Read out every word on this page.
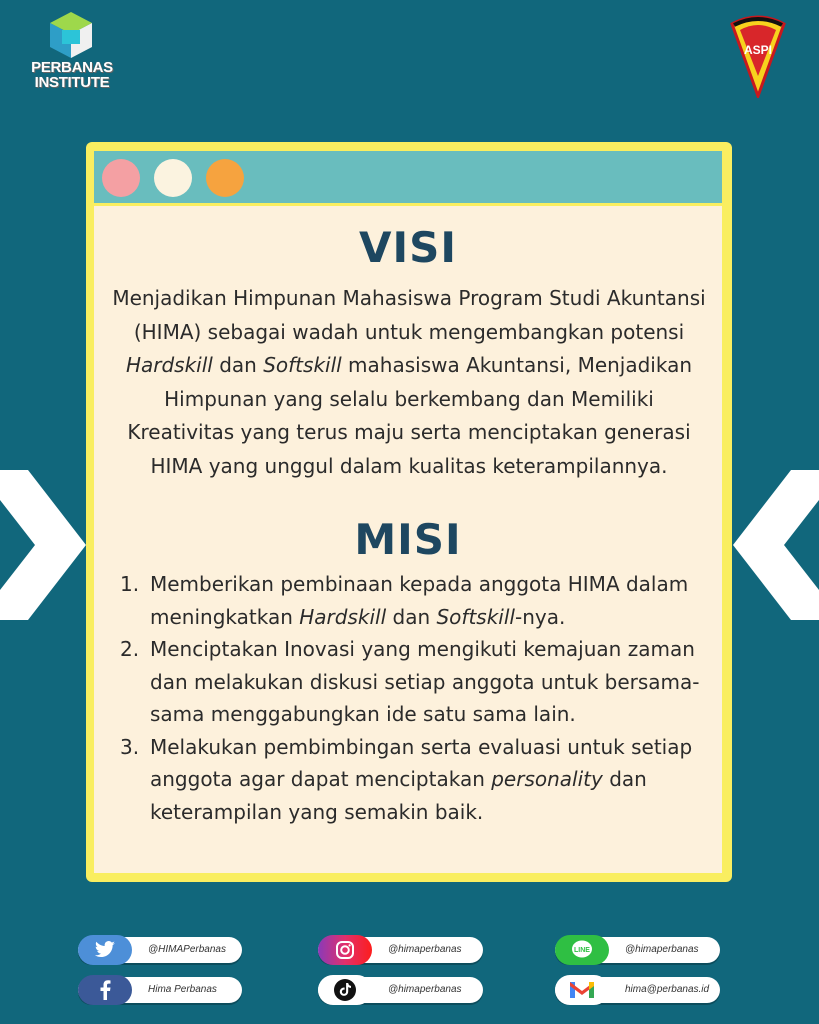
PERBANAS
INSTITUTE
ASPI
VISI
Menjadikan Himpunan Mahasiswa Program Studi Akuntansi (HIMA) sebagai wadah untuk mengembangkan potensi Hardskill dan Softskill mahasiswa Akuntansi, Menjadikan Himpunan yang selalu berkembang dan Memiliki Kreativitas yang terus maju serta menciptakan generasi HIMA yang unggul dalam kualitas keterampilannya.
MISI
1. Memberikan pembinaan kepada anggota HIMA dalam meningkatkan Hardskill dan Softskill-nya.
2. Menciptakan Inovasi yang mengikuti kemajuan zaman dan melakukan diskusi setiap anggota untuk bersama-sama menggabungkan ide satu sama lain.
3. Melakukan pembimbingan serta evaluasi untuk setiap anggota agar dapat menciptakan personality dan keterampilan yang semakin baik.
@HIMAPerbanas	@himaperbanas	LINE	@himaperbanas
Hima Perbanas	@himaperbanas	hima@perbanas.id
